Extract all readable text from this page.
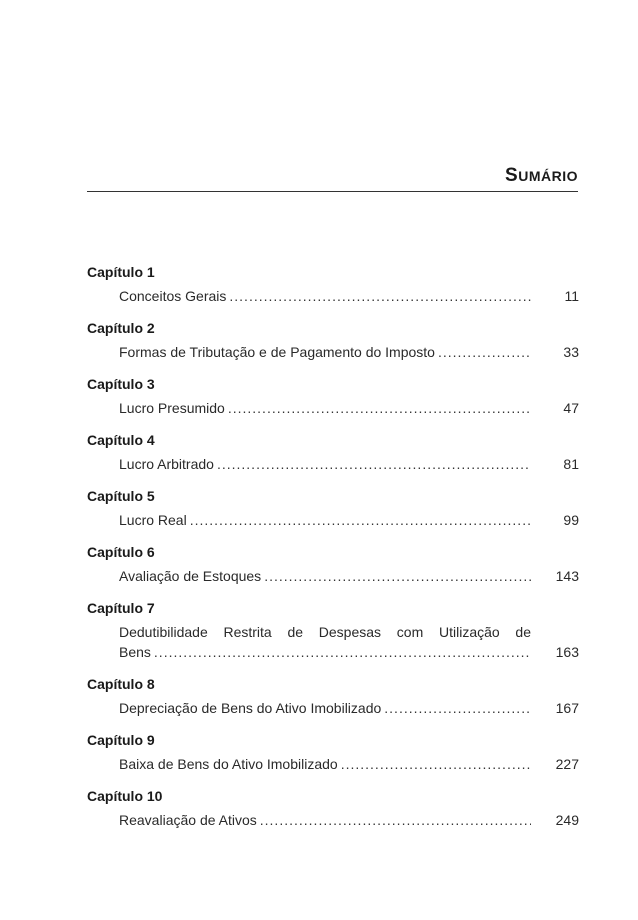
SUMÁRIO
Capítulo 1
Conceitos Gerais .....	11
Capítulo 2
Formas de Tributação e de Pagamento do Imposto .....	33
Capítulo 3
Lucro Presumido .....	47
Capítulo 4
Lucro Arbitrado .....	81
Capítulo 5
Lucro Real .....	99
Capítulo 6
Avaliação de Estoques .....	143
Capítulo 7
Dedutibilidade Restrita de Despesas com Utilização de
Bens .....	163
Capítulo 8
Depreciação de Bens do Ativo Imobilizado .....	167
Capítulo 9
Baixa de Bens do Ativo Imobilizado .....	227
Capítulo 10
Reavaliação de Ativos .....	249
